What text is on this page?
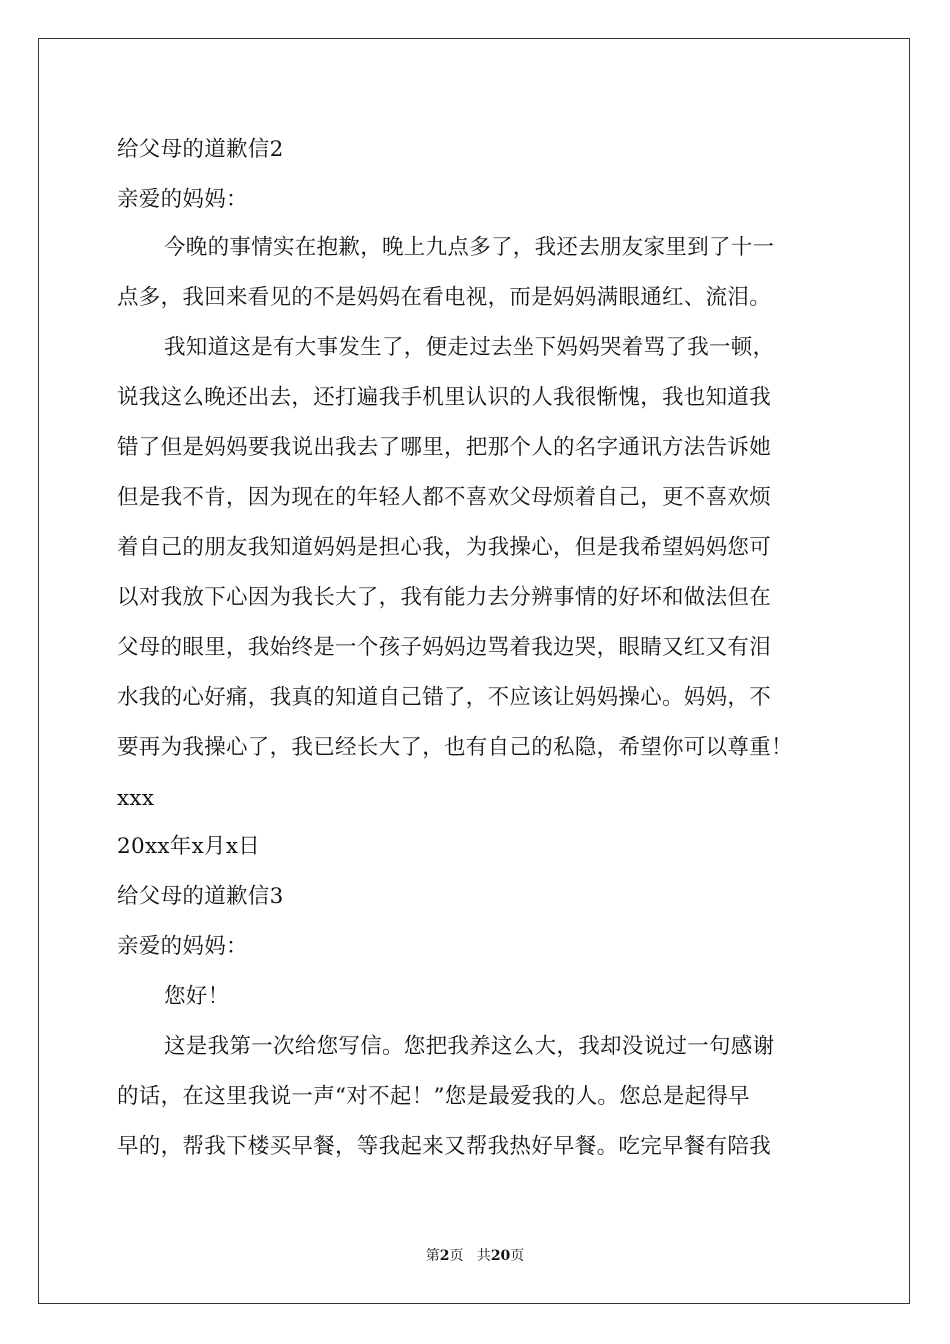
给父母的道歉信2
亲爱的妈妈：
今晚的事情实在抱歉，晚上九点多了，我还去朋友家里到了十一
点多，我回来看见的不是妈妈在看电视，而是妈妈满眼通红、流泪。
我知道这是有大事发生了，便走过去坐下妈妈哭着骂了我一顿，
说我这么晚还出去，还打遍我手机里认识的人我很惭愧，我也知道我
错了但是妈妈要我说出我去了哪里，把那个人的名字通讯方法告诉她
但是我不肯，因为现在的年轻人都不喜欢父母烦着自己，更不喜欢烦
着自己的朋友我知道妈妈是担心我，为我操心，但是我希望妈妈您可
以对我放下心因为我长大了，我有能力去分辨事情的好坏和做法但在
父母的眼里，我始终是一个孩子妈妈边骂着我边哭，眼睛又红又有泪
水我的心好痛，我真的知道自己错了，不应该让妈妈操心。妈妈，不
要再为我操心了，我已经长大了，也有自己的私隐，希望你可以尊重！
xxx
20xx年x月x日
给父母的道歉信3
亲爱的妈妈：
您好！
这是我第一次给您写信。您把我养这么大，我却没说过一句感谢
的话，在这里我说一声“对不起！”您是最爱我的人。您总是起得早
早的，帮我下楼买早餐，等我起来又帮我热好早餐。吃完早餐有陪我
第2页 共20页
